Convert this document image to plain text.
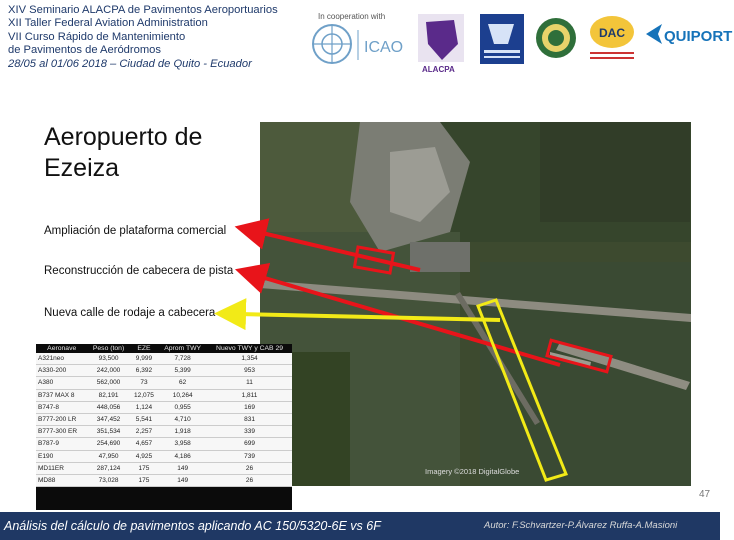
XIV Seminario ALACPA de Pavimentos Aeroportuarios
XII Taller Federal Aviation Administration
VII Curso Rápido de Mantenimiento
de Pavimentos de Aeródromos
28/05 al 01/06 2018 – Ciudad de Quito - Ecuador
In cooperation with
ICAO
ALACPA
DAC	QUIPORT
Aeropuerto de
Ezeiza
Imagery ©2018 DigitalGlobe
Ampliación de plataforma comercial
Reconstrucción de cabecera de pista
Nueva calle de rodaje a cabecera
Aeronave	Peso (ton)	EZE	Aprom TWY	Nuevo TWY y CAB 29
A321neo	93,500	9,999	7,728	1,354
A330-200	242,000	6,392	5,399	953
A380	562,000	73	62	11
B737 MAX 8	82,191	12,075	10,264	1,811
B747-8	448,056	1,124	0,955	169
B777-200 LR	347,452	5,541	4,710	831
B777-300 ER	351,534	2,257	1,918	339
B787-9	254,690	4,657	3,958	699
E190	47,950	4,925	4,186	739
MD11ER	287,124	175	149	26
MD88	73,028	175	149	26
47
Análisis del cálculo de pavimentos aplicando AC 150/5320-6E vs 6F	Autor: F.Schvartzer-P.Álvarez Ruffa-A.Masioni
